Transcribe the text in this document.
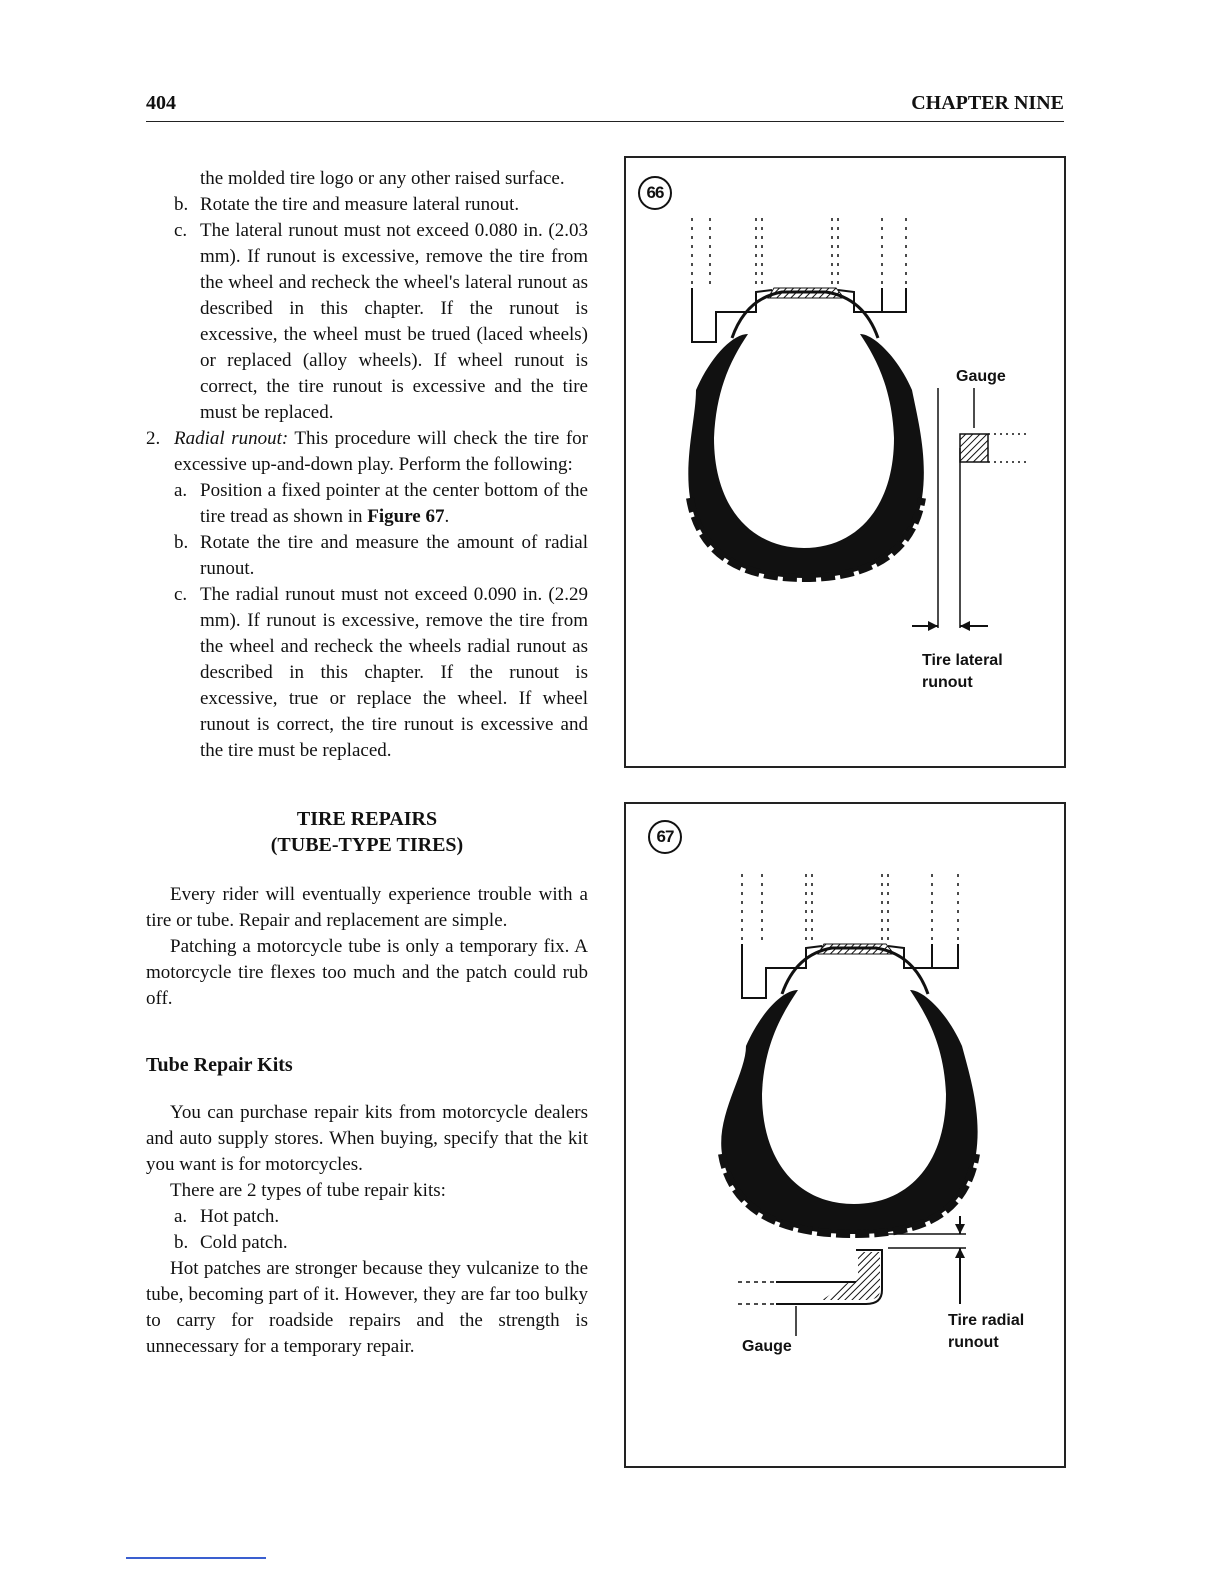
404	CHAPTER NINE

the molded tire logo or any other raised surface.

b. Rotate the tire and measure lateral runout.

c. The lateral runout must not exceed 0.080 in. (2.03 mm). If runout is excessive, remove the tire from the wheel and recheck the wheel's lateral runout as described in this chapter. If the runout is excessive, the wheel must be trued (laced wheels) or replaced (alloy wheels). If wheel runout is correct, the tire runout is excessive and the tire must be replaced.

2. Radial runout: This procedure will check the tire for excessive up-and-down play. Perform the following:

a. Position a fixed pointer at the center bottom of the tire tread as shown in Figure 67.

b. Rotate the tire and measure the amount of radial runout.

c. The radial runout must not exceed 0.090 in. (2.29 mm). If runout is excessive, remove the tire from the wheel and recheck the wheels radial runout as described in this chapter. If the runout is excessive, true or replace the wheel. If wheel runout is correct, the tire runout is excessive and the tire must be replaced.

TIRE REPAIRS

(TUBE-TYPE TIRES)

Every rider will eventually experience trouble with a tire or tube. Repair and replacement are simple.

Patching a motorcycle tube is only a temporary fix. A motorcycle tire flexes too much and the patch could rub off.

Tube Repair Kits

You can purchase repair kits from motorcycle dealers and auto supply stores. When buying, specify that the kit you want is for motorcycles.

There are 2 types of tube repair kits:

a. Hot patch.

b. Cold patch.

Hot patches are stronger because they vulcanize to the tube, becoming part of it. However, they are far too bulky to carry for roadside repairs and the strength is unnecessary for a temporary repair.

66
Gauge
Tire lateral
runout
67
Gauge
Tire radial
runout
